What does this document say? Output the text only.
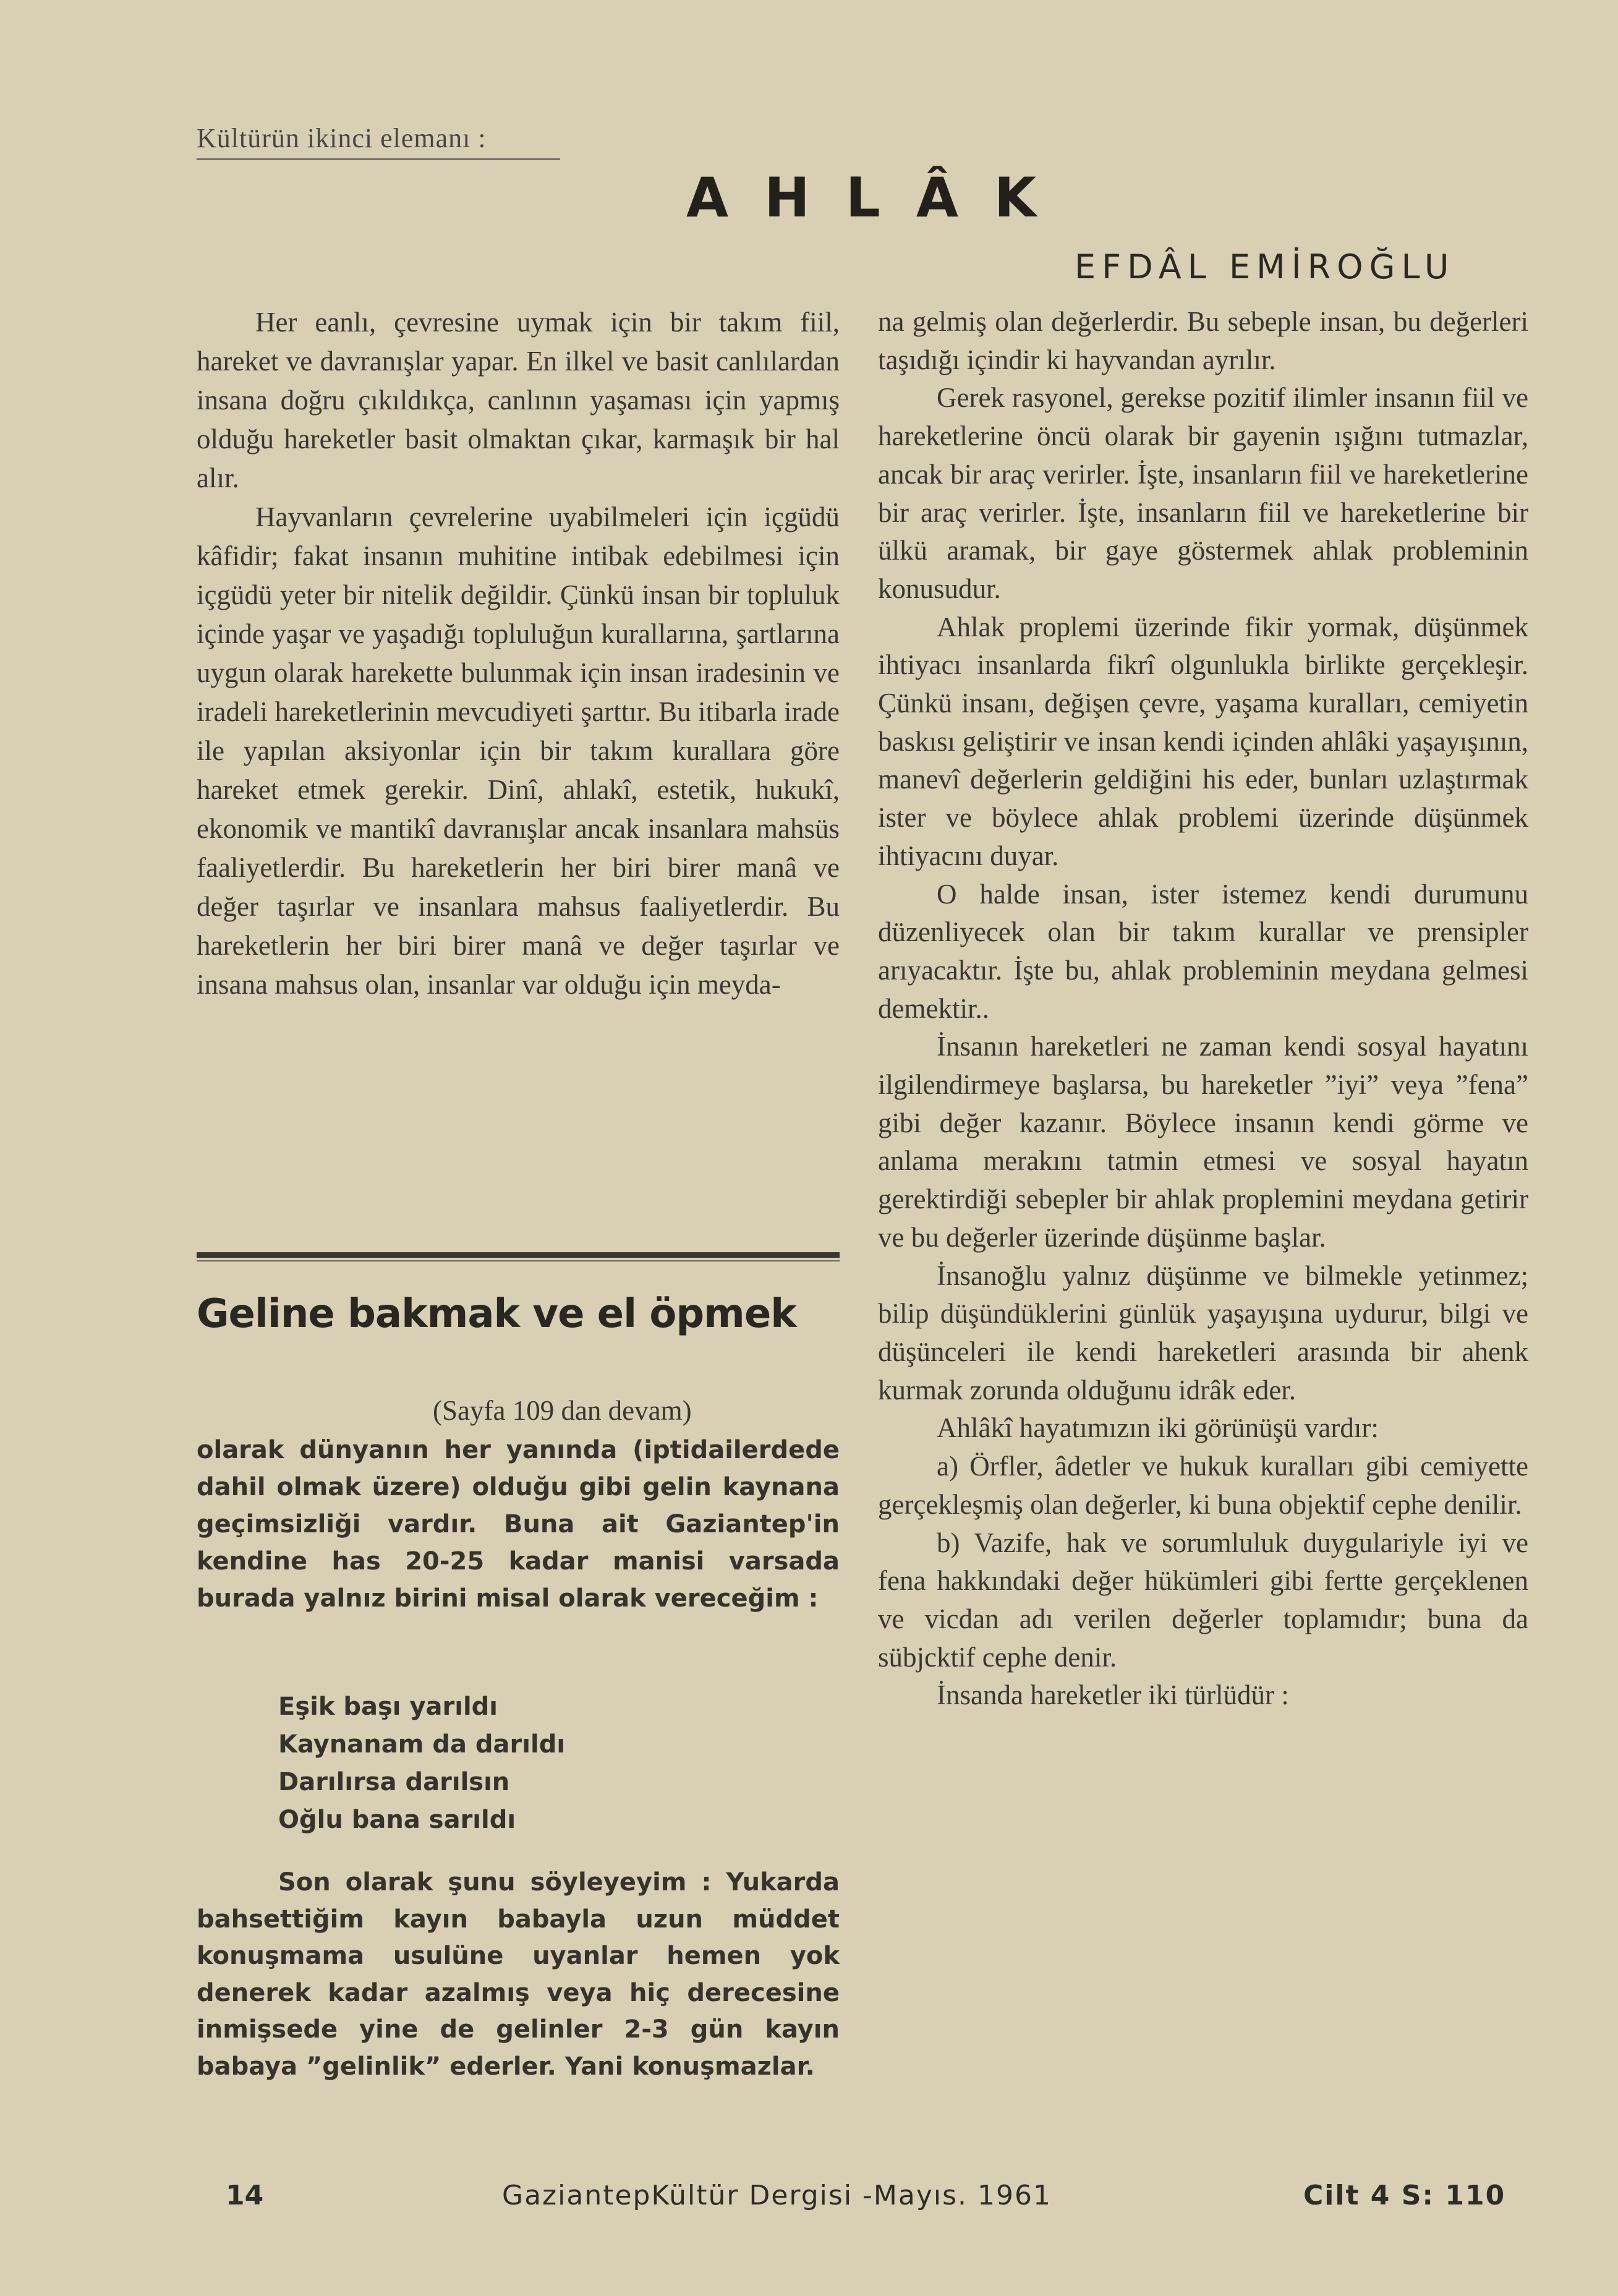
Kültürün ikinci elemanı :
AHLÂK
EFDÂL EMİROĞLU

Her eanlı, çevresine uymak için bir takım fiil, hareket ve davranışlar yapar. En ilkel ve basit canlılardan insana doğru çıkıldıkça, canlının yaşaması için yapmış olduğu hareketler basit olmaktan çıkar, karmaşık bir hal alır.

Hayvanların çevrelerine uyabilmeleri için içgüdü kâfidir; fakat insanın muhitine intibak edebilmesi için içgüdü yeter bir nitelik değildir. Çünkü insan bir topluluk içinde yaşar ve yaşadığı topluluğun kurallarına, şartlarına uygun olarak harekette bulunmak için insan iradesinin ve iradeli hareketlerinin mevcudiyeti şarttır. Bu itibarla irade ile yapılan aksiyonlar için bir takım kurallara göre hareket etmek gerekir. Dinî, ahlakî, estetik, hukukî, ekonomik ve mantikî davranışlar ancak insanlara mahsüs faaliyetlerdir. Bu hareketlerin her biri birer manâ ve değer taşırlar ve insanlara mahsus faaliyetlerdir. Bu hareketlerin her biri birer manâ ve değer taşırlar ve insana mahsus olan, insanlar var olduğu için meyda-

Geline bakmak ve el öpmek
(Sayfa 109 dan devam)

olarak dünyanın her yanında (iptidailerdede dahil olmak üzere) olduğu gibi gelin kaynana geçimsizliği vardır. Buna ait Gaziantep'in kendine has 20-25 kadar manisi varsada burada yalnız birini misal olarak vereceğim :

Eşik başı yarıldı
Kaynanam da darıldı
Darılırsa darılsın
Oğlu bana sarıldı

Son olarak şunu söyleyeyim : Yukarda bahsettiğim kayın babayla uzun müddet konuşmama usulüne uyanlar hemen yok denerek kadar azalmış veya hiç derecesine inmişsede yine de gelinler 2-3 gün kayın babaya ”gelinlik” ederler. Yani konuşmazlar.

na gelmiş olan değerlerdir. Bu sebeple insan, bu değerleri taşıdığı içindir ki hayvandan ayrılır.

Gerek rasyonel, gerekse pozitif ilimler insanın fiil ve hareketlerine öncü olarak bir gayenin ışığını tutmazlar, ancak bir araç verirler. İşte, insanların fiil ve hareketlerine bir araç verirler. İşte, insanların fiil ve hareketlerine bir ülkü aramak, bir gaye göstermek ahlak probleminin konusudur.

Ahlak proplemi üzerinde fikir yormak, düşünmek ihtiyacı insanlarda fikrî olgunlukla birlikte gerçekleşir. Çünkü insanı, değişen çevre, yaşama kuralları, cemiyetin baskısı geliştirir ve insan kendi içinden ahlâki yaşayışının, manevî değerlerin geldiğini his eder, bunları uzlaştırmak ister ve böylece ahlak problemi üzerinde düşünmek ihtiyacını duyar.

O halde insan, ister istemez kendi durumunu düzenliyecek olan bir takım kurallar ve prensipler arıyacaktır. İşte bu, ahlak probleminin meydana gelmesi demektir..

İnsanın hareketleri ne zaman kendi sosyal hayatını ilgilendirmeye başlarsa, bu hareketler ”iyi” veya ”fena” gibi değer kazanır. Böylece insanın kendi görme ve anlama merakını tatmin etmesi ve sosyal hayatın gerektirdiği sebepler bir ahlak proplemini meydana getirir ve bu değerler üzerinde düşünme başlar.

İnsanoğlu yalnız düşünme ve bilmekle yetinmez; bilip düşündüklerini günlük yaşayışına uydurur, bilgi ve düşünceleri ile kendi hareketleri arasında bir ahenk kurmak zorunda olduğunu idrâk eder.

Ahlâkî hayatımızın iki görünüşü vardır:

a) Örfler, âdetler ve hukuk kuralları gibi cemiyette gerçekleşmiş olan değerler, ki buna objektif cephe denilir.

b) Vazife, hak ve sorumluluk duygulariyle iyi ve fena hakkındaki değer hükümleri gibi fertte gerçeklenen ve vicdan adı verilen değerler toplamıdır; buna da sübjcktif cephe denir.

İnsanda hareketler iki türlüdür :

14	GaziantepKültür Dergisi -Mayıs. 1961	Cilt 4 S: 110
